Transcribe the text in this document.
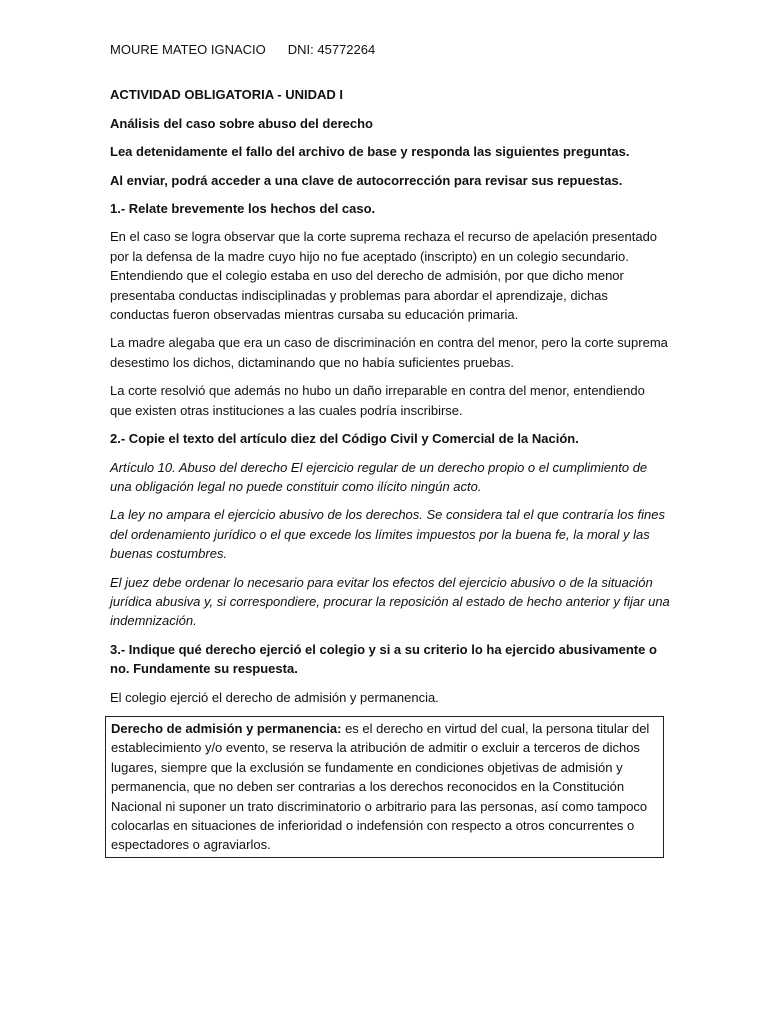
MOURE MATEO IGNACIO DNI: 45772264

ACTIVIDAD OBLIGATORIA - UNIDAD I

Análisis del caso sobre abuso del derecho

Lea detenidamente el fallo del archivo de base y responda las siguientes preguntas.

Al enviar, podrá acceder a una clave de autocorrección para revisar sus repuestas.

1.- Relate brevemente los hechos del caso.

En el caso se logra observar que la corte suprema rechaza el recurso de apelación presentado por la defensa de la madre cuyo hijo no fue aceptado (inscripto) en un colegio secundario. Entendiendo que el colegio estaba en uso del derecho de admisión, por que dicho menor presentaba conductas indisciplinadas y problemas para abordar el aprendizaje, dichas conductas fueron observadas mientras cursaba su educación primaria.

La madre alegaba que era un caso de discriminación en contra del menor, pero la corte suprema desestimo los dichos, dictaminando que no había suficientes pruebas.

La corte resolvió que además no hubo un daño irreparable en contra del menor, entendiendo que existen otras instituciones a las cuales podría inscribirse.

2.- Copie el texto del artículo diez del Código Civil y Comercial de la Nación.

Artículo 10. Abuso del derecho El ejercicio regular de un derecho propio o el cumplimiento de una obligación legal no puede constituir como ilícito ningún acto.

La ley no ampara el ejercicio abusivo de los derechos. Se considera tal el que contraría los fines del ordenamiento jurídico o el que excede los límites impuestos por la buena fe, la moral y las buenas costumbres.

El juez debe ordenar lo necesario para evitar los efectos del ejercicio abusivo o de la situación jurídica abusiva y, si correspondiere, procurar la reposición al estado de hecho anterior y fijar una indemnización.

3.- Indique qué derecho ejerció el colegio y si a su criterio lo ha ejercido abusivamente o no. Fundamente su respuesta.

El colegio ejerció el derecho de admisión y permanencia.

Derecho de admisión y permanencia: es el derecho en virtud del cual, la persona titular del establecimiento y/o evento, se reserva la atribución de admitir o excluir a terceros de dichos lugares, siempre que la exclusión se fundamente en condiciones objetivas de admisión y permanencia, que no deben ser contrarias a los derechos reconocidos en la Constitución Nacional ni suponer un trato discriminatorio o arbitrario para las personas, así como tampoco colocarlas en situaciones de inferioridad o indefensión con respecto a otros concurrentes o espectadores o agraviarlos.
